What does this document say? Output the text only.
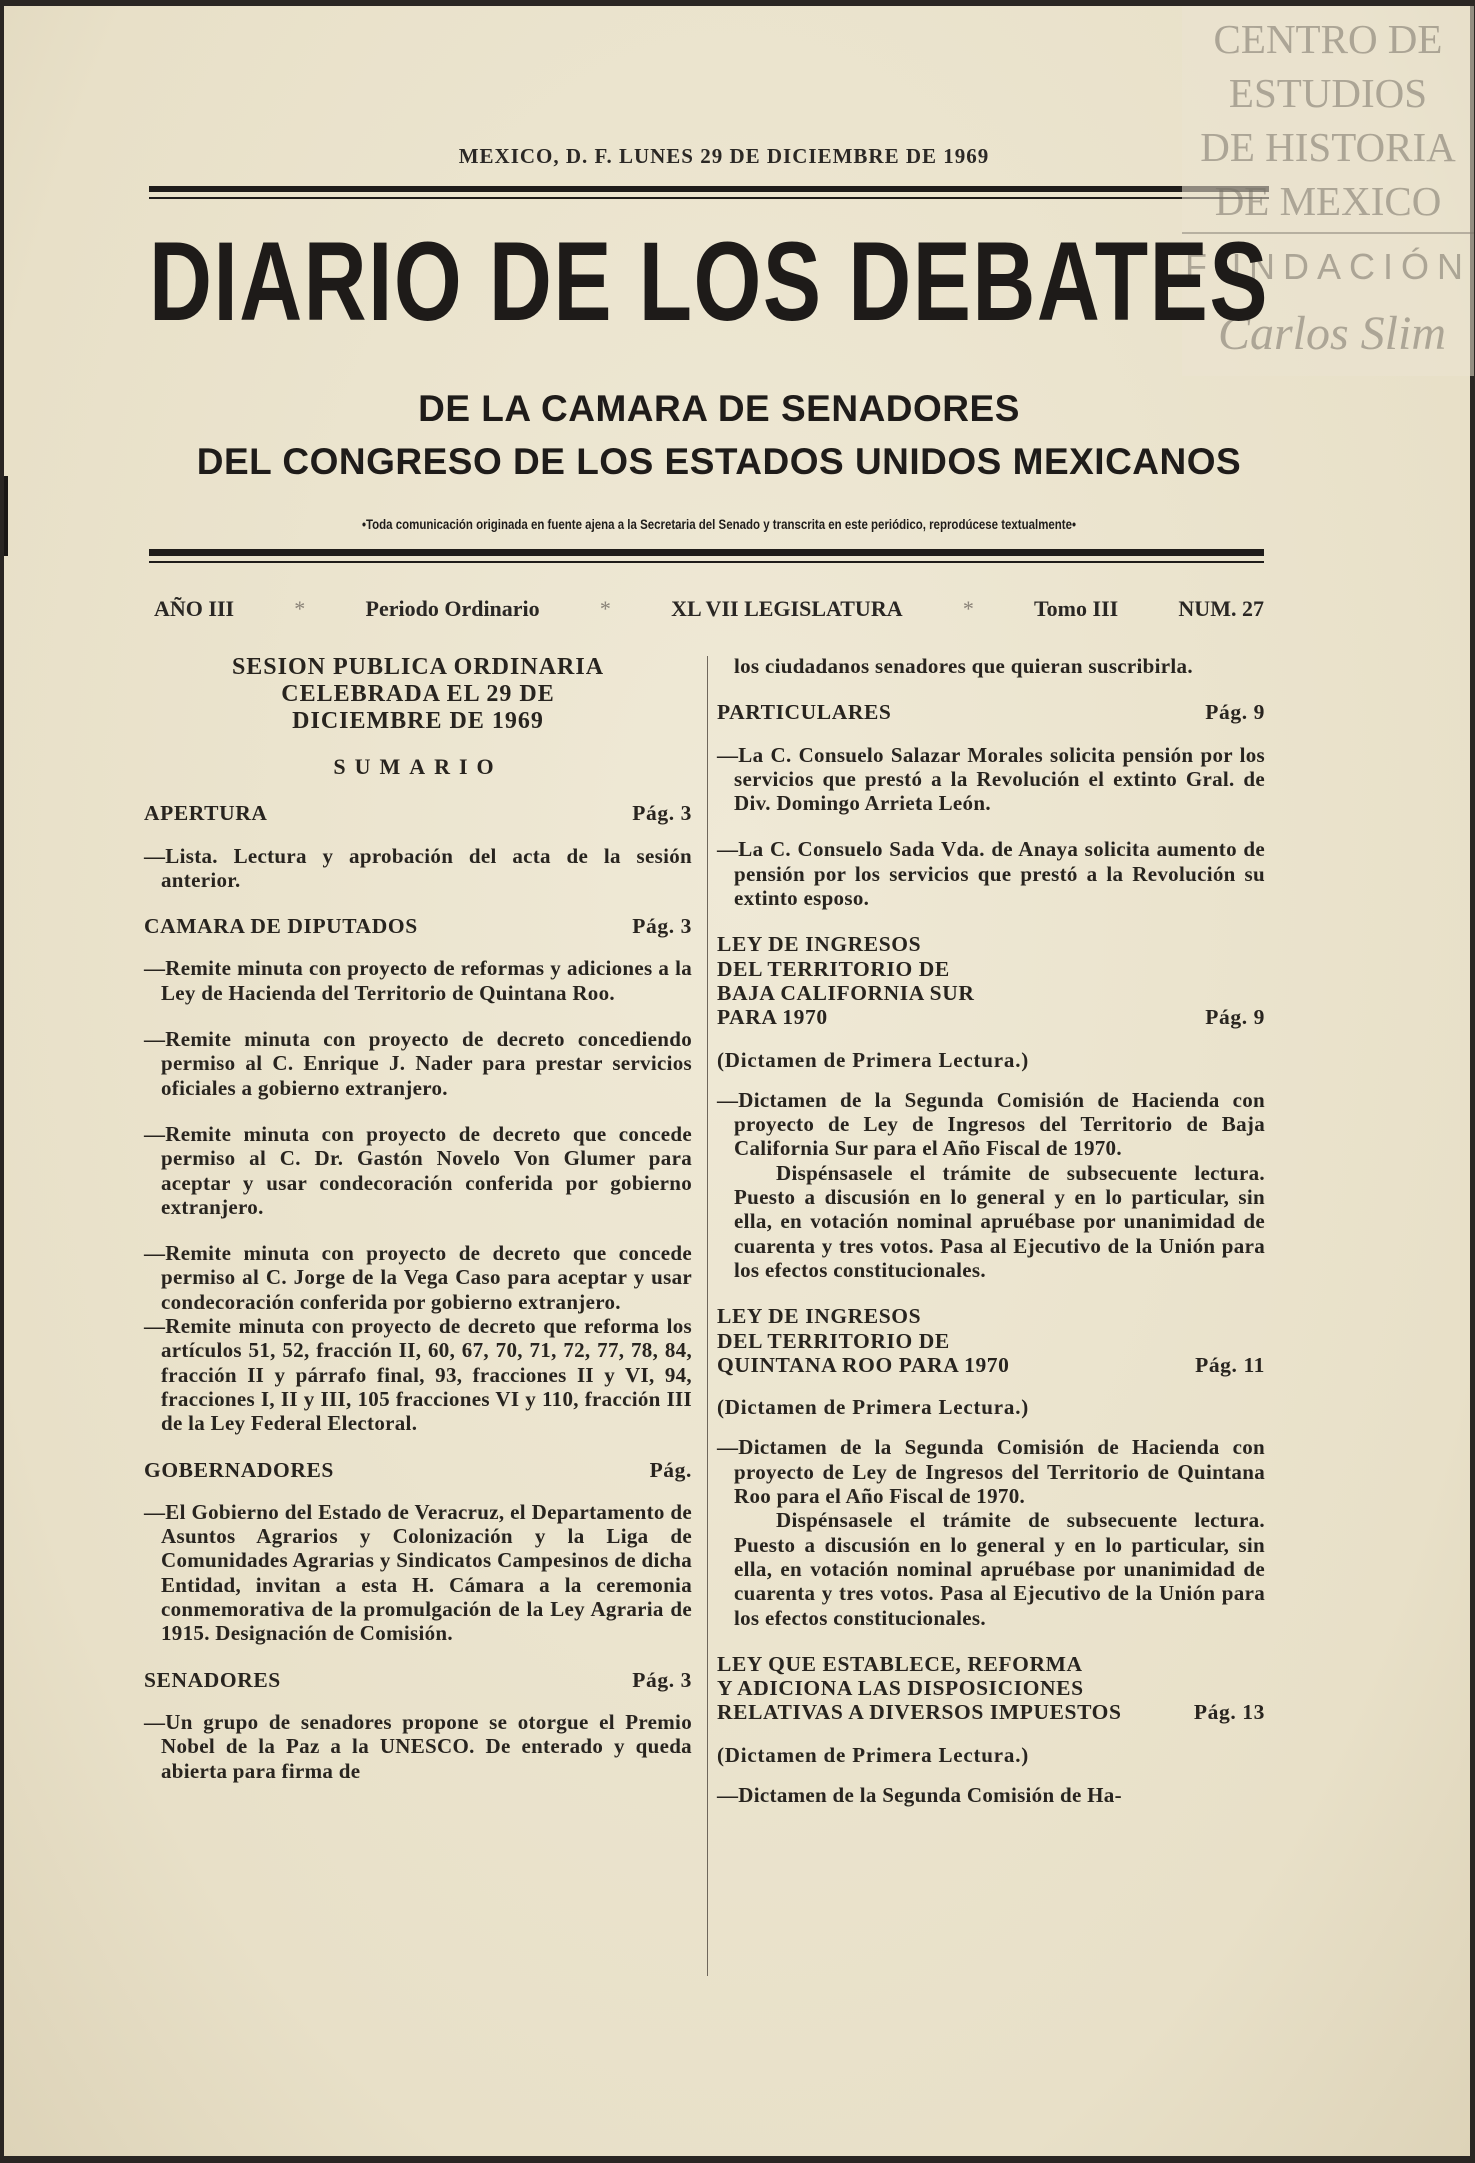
MEXICO, D. F. LUNES 29 DE DICIEMBRE DE 1969
CENTRO DE
ESTUDIOS
DE HISTORIA
DE MEXICO
FUNDACIÓN
Carlos Slim
DIARIO DE LOS DEBATES
DE LA CAMARA DE SENADORES
DEL CONGRESO DE LOS ESTADOS UNIDOS MEXICANOS
•Toda comunicación originada en fuente ajena a la Secretaria del Senado y transcrita en este periódico, reprodúcese textualmente•
AÑO III	*	Periodo Ordinario	*	XL VII LEGISLATURA	*	Tomo III	NUM. 27
SESION PUBLICA ORDINARIA
CELEBRADA EL 29 DE
DICIEMBRE DE 1969
SUMARIO
APERTURA	Pág. 3
—Lista. Lectura y aprobación del acta de la sesión anterior.
CAMARA DE DIPUTADOS	Pág. 3
—Remite minuta con proyecto de reformas y adiciones a la Ley de Hacienda del Territorio de Quintana Roo.
—Remite minuta con proyecto de decreto concediendo permiso al C. Enrique J. Nader para prestar servicios oficiales a gobierno extranjero.
—Remite minuta con proyecto de decreto que concede permiso al C. Dr. Gastón Novelo Von Glumer para aceptar y usar condecoración conferida por gobierno extranjero.
—Remite minuta con proyecto de decreto que concede permiso al C. Jorge de la Vega Caso para aceptar y usar condecoración conferida por gobierno extranjero.
—Remite minuta con proyecto de decreto que reforma los artículos 51, 52, fracción II, 60, 67, 70, 71, 72, 77, 78, 84, fracción II y párrafo final, 93, fracciones II y VI, 94, fracciones I, II y III, 105 fracciones VI y 110, fracción III de la Ley Federal Electoral.
GOBERNADORES	Pág.
—El Gobierno del Estado de Veracruz, el Departamento de Asuntos Agrarios y Colonización y la Liga de Comunidades Agrarias y Sindicatos Campesinos de dicha Entidad, invitan a esta H. Cámara a la ceremonia conmemorativa de la promulgación de la Ley Agraria de 1915. Designación de Comisión.
SENADORES	Pág. 3
—Un grupo de senadores propone se otorgue el Premio Nobel de la Paz a la UNESCO. De enterado y queda abierta para firma de
los ciudadanos senadores que quieran suscribirla.
PARTICULARES	Pág. 9
—La C. Consuelo Salazar Morales solicita pensión por los servicios que prestó a la Revolución el extinto Gral. de Div. Domingo Arrieta León.
—La C. Consuelo Sada Vda. de Anaya solicita aumento de pensión por los servicios que prestó a la Revolución su extinto esposo.
LEY DE INGRESOS
DEL TERRITORIO DE
BAJA CALIFORNIA SUR
PARA 1970	Pág. 9
(Dictamen de Primera Lectura.)
—Dictamen de la Segunda Comisión de Hacienda con proyecto de Ley de Ingresos del Territorio de Baja California Sur para el Año Fiscal de 1970.
Dispénsasele el trámite de subsecuente lectura. Puesto a discusión en lo general y en lo particular, sin ella, en votación nominal apruébase por unanimidad de cuarenta y tres votos. Pasa al Ejecutivo de la Unión para los efectos constitucionales.
LEY DE INGRESOS
DEL TERRITORIO DE
QUINTANA ROO PARA 1970	Pág. 11
(Dictamen de Primera Lectura.)
—Dictamen de la Segunda Comisión de Hacienda con proyecto de Ley de Ingresos del Territorio de Quintana Roo para el Año Fiscal de 1970.
Dispénsasele el trámite de subsecuente lectura. Puesto a discusión en lo general y en lo particular, sin ella, en votación nominal apruébase por unanimidad de cuarenta y tres votos. Pasa al Ejecutivo de la Unión para los efectos constitucionales.
LEY QUE ESTABLECE, REFORMA
Y ADICIONA LAS DISPOSICIONES
RELATIVAS A DIVERSOS IMPUESTOS	Pág. 13
(Dictamen de Primera Lectura.)
—Dictamen de la Segunda Comisión de Ha-
